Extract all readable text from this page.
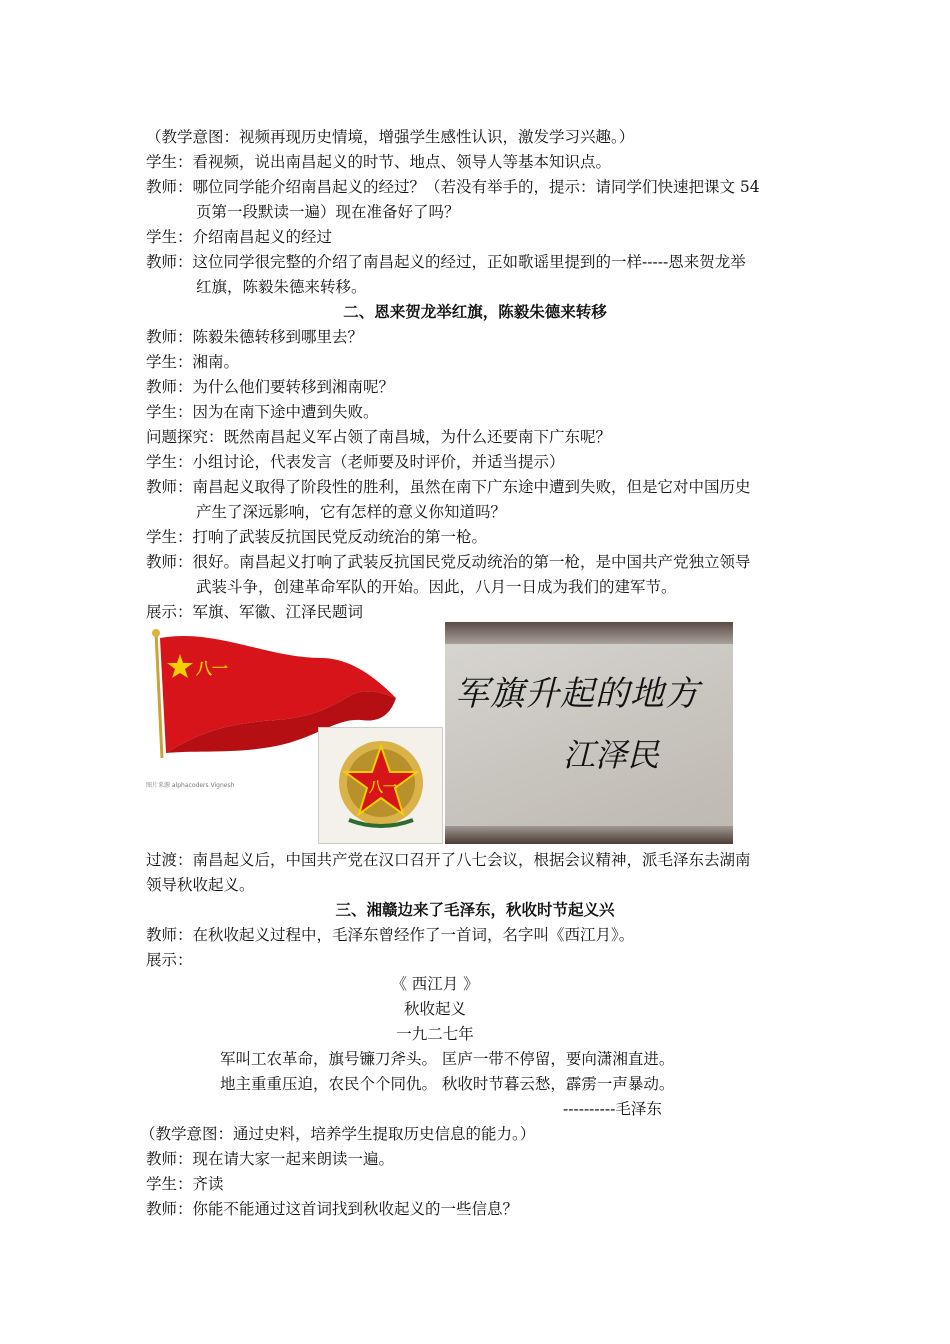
（教学意图：视频再现历史情境，增强学生感性认识，激发学习兴趣。）
学生：看视频，说出南昌起义的时节、地点、领导人等基本知识点。
教师：哪位同学能介绍南昌起义的经过？（若没有举手的，提示：请同学们快速把课文 54
页第一段默读一遍）现在准备好了吗？
学生：介绍南昌起义的经过
教师：这位同学很完整的介绍了南昌起义的经过，正如歌谣里提到的一样-----恩来贺龙举
红旗，陈毅朱德来转移。
二、恩来贺龙举红旗，陈毅朱德来转移
教师：陈毅朱德转移到哪里去？
学生：湘南。
教师：为什么他们要转移到湘南呢？
学生：因为在南下途中遭到失败。
问题探究：既然南昌起义军占领了南昌城，为什么还要南下广东呢？
学生：小组讨论，代表发言（老师要及时评价，并适当提示）
教师：南昌起义取得了阶段性的胜利，虽然在南下广东途中遭到失败，但是它对中国历史
产生了深远影响，它有怎样的意义你知道吗？
学生：打响了武装反抗国民党反动统治的第一枪。
教师：很好。南昌起义打响了武装反抗国民党反动统治的第一枪，是中国共产党独立领导
武装斗争，创建革命军队的开始。因此，八月一日成为我们的建军节。
展示：军旗、军徽、江泽民题词
八一
图片来源 alphacoders Vignesh	八一
军旗升起的地方
江泽民
过渡：南昌起义后，中国共产党在汉口召开了八七会议，根据会议精神，派毛泽东去湖南
领导秋收起义。
三、湘赣边来了毛泽东，秋收时节起义兴
教师：在秋收起义过程中，毛泽东曾经作了一首词，名字叫《西江月》。
展示：
《 西江月 》
秋收起义
一九二七年
军叫工农革命，旗号镰刀斧头。 匡庐一带不停留，要向潇湘直进。
地主重重压迫，农民个个同仇。 秋收时节暮云愁，霹雳一声暴动。
----------毛泽东
（教学意图：通过史料，培养学生提取历史信息的能力。）
教师：现在请大家一起来朗读一遍。
学生：齐读
教师：你能不能通过这首词找到秋收起义的一些信息？
